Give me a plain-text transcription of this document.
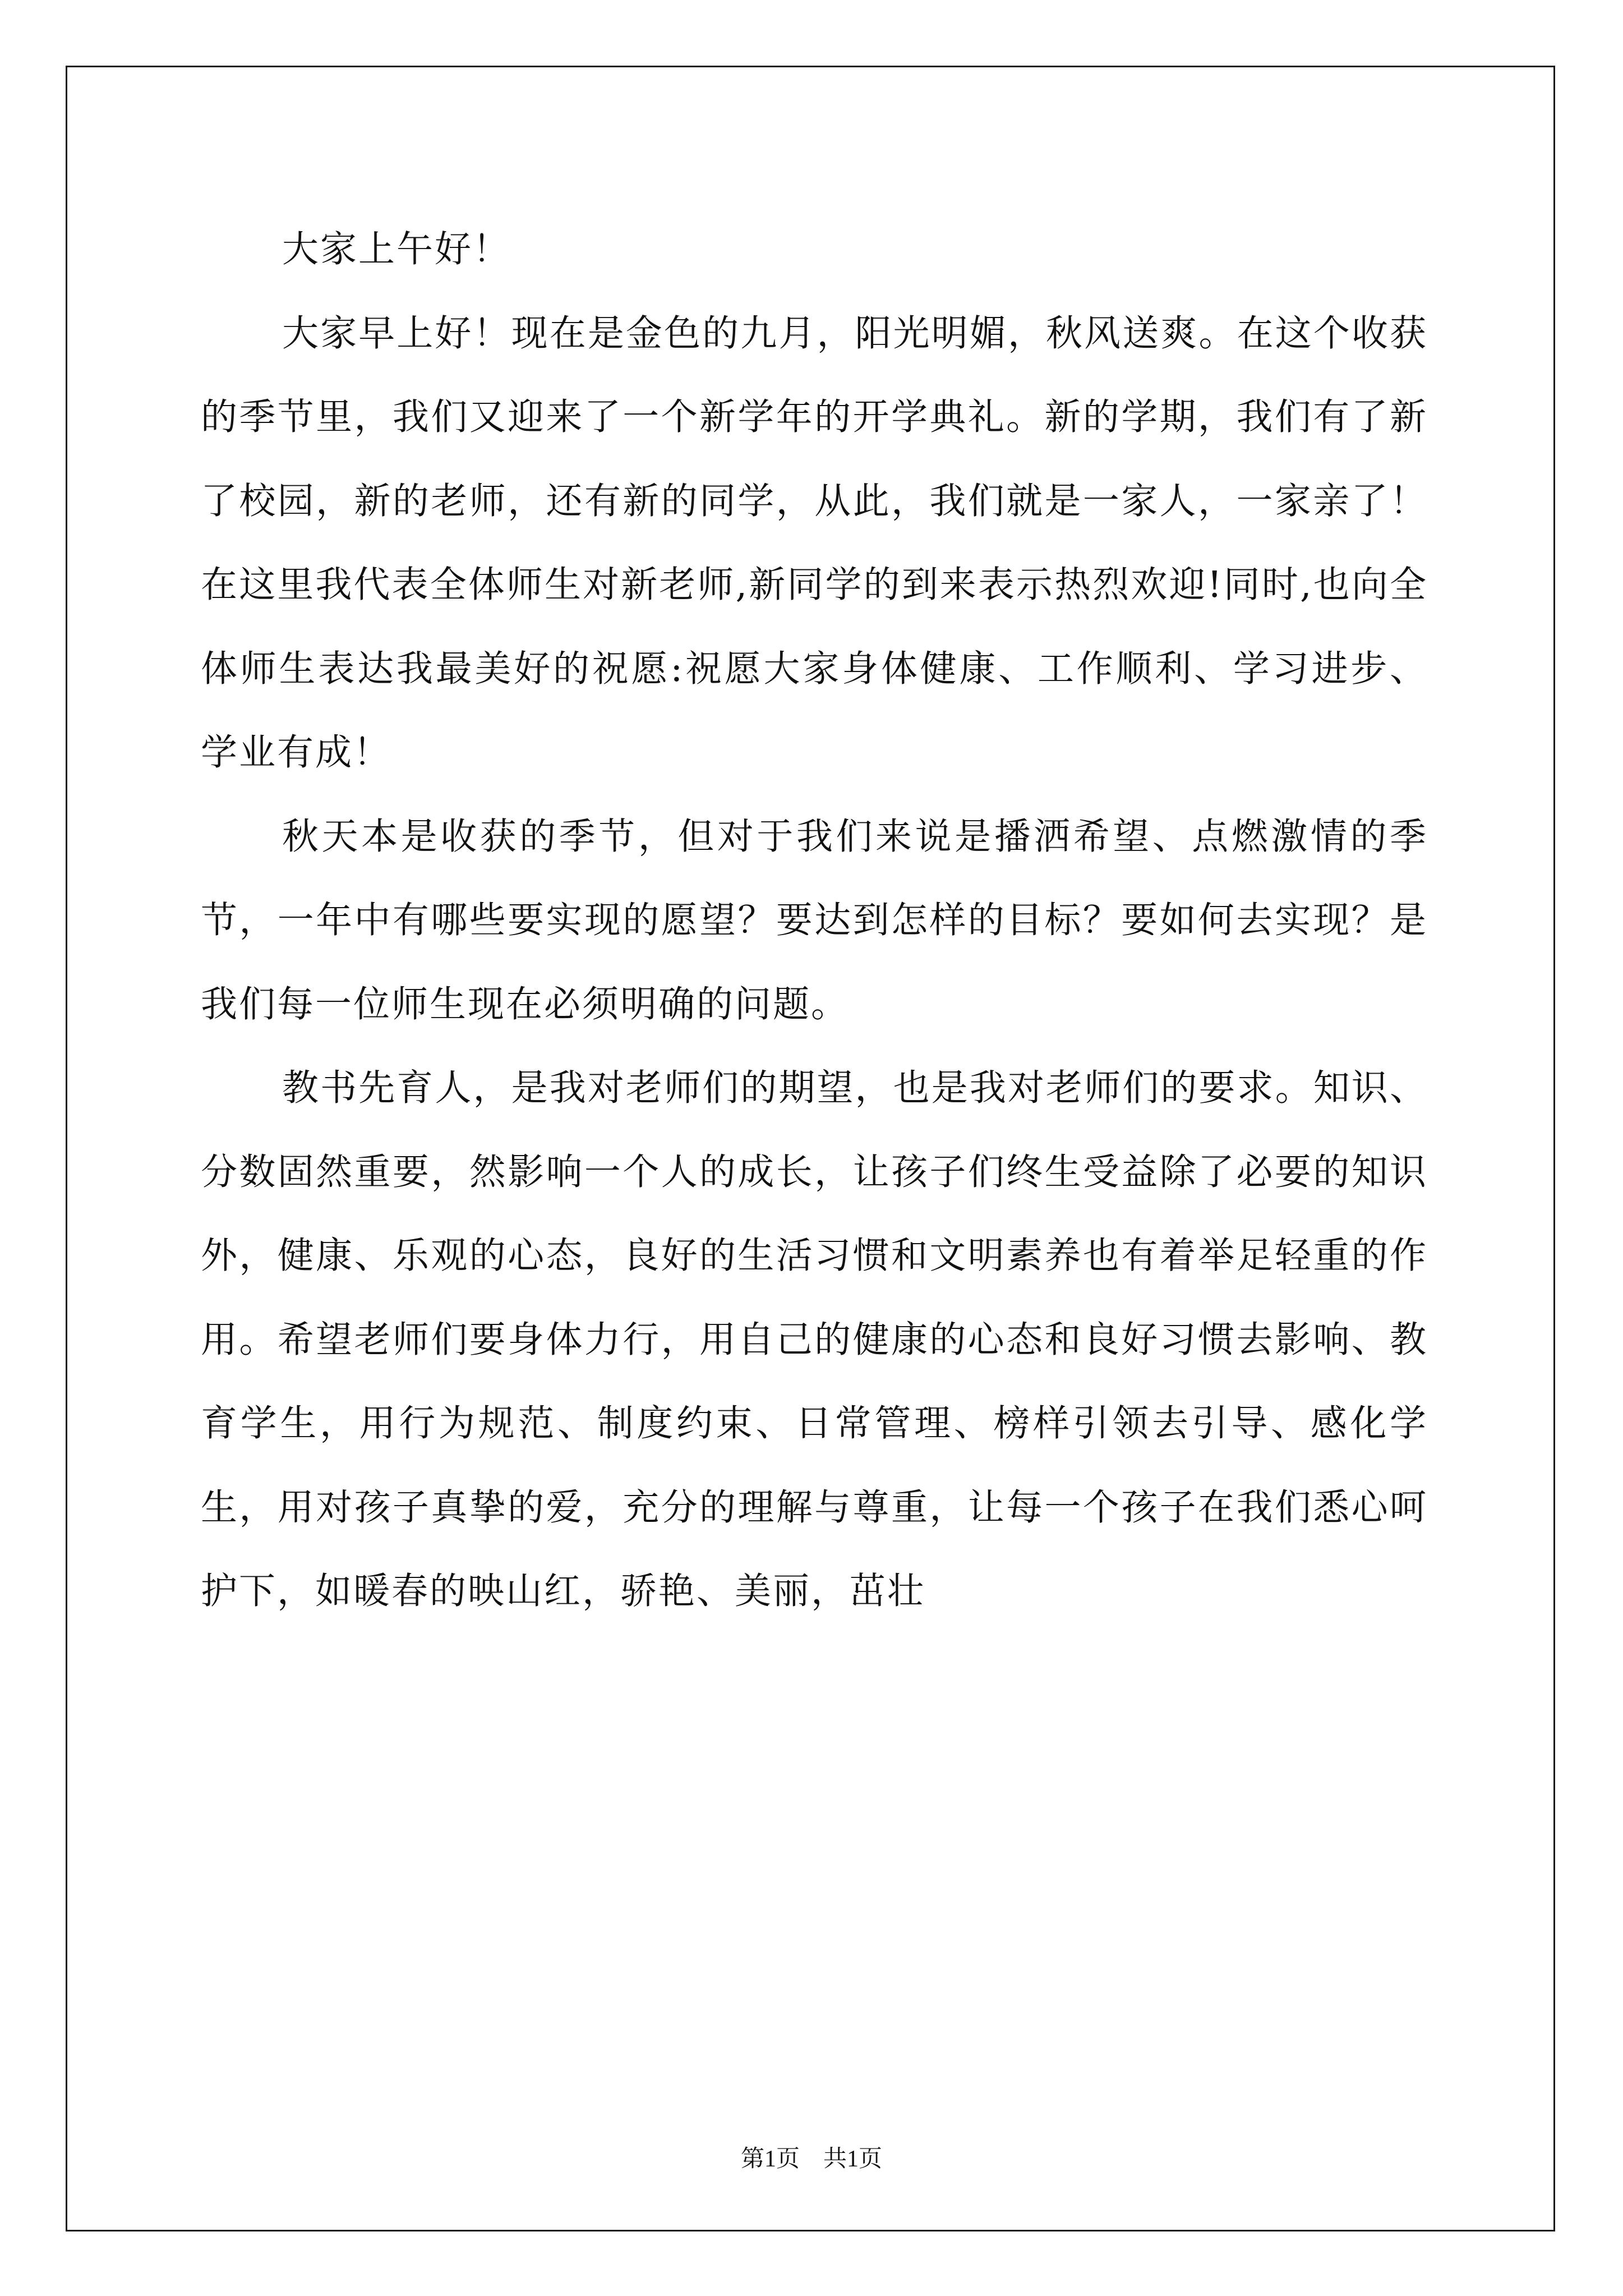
大家上午好！

大家早上好！现在是金色的九月，阳光明媚，秋风送爽。在这个收获的季节里，我们又迎来了一个新学年的开学典礼。新的学期，我们有了新了校园，新的老师，还有新的同学，从此，我们就是一家人，一家亲了！在这里我代表全体师生对新老师,新同学的到来表示热烈欢迎!同时,也向全体师生表达我最美好的祝愿:祝愿大家身体健康、工作顺利、学习进步、学业有成！

秋天本是收获的季节，但对于我们来说是播洒希望、点燃激情的季节，一年中有哪些要实现的愿望？要达到怎样的目标？要如何去实现？是我们每一位师生现在必须明确的问题。

教书先育人，是我对老师们的期望，也是我对老师们的要求。知识、分数固然重要，然影响一个人的成长，让孩子们终生受益除了必要的知识外，健康、乐观的心态，良好的生活习惯和文明素养也有着举足轻重的作用。希望老师们要身体力行，用自己的健康的心态和良好习惯去影响、教育学生，用行为规范、制度约束、日常管理、榜样引领去引导、感化学生，用对孩子真挚的爱，充分的理解与尊重，让每一个孩子在我们悉心呵护下，如暖春的映山红，骄艳、美丽，茁壮

第1页　共1页
